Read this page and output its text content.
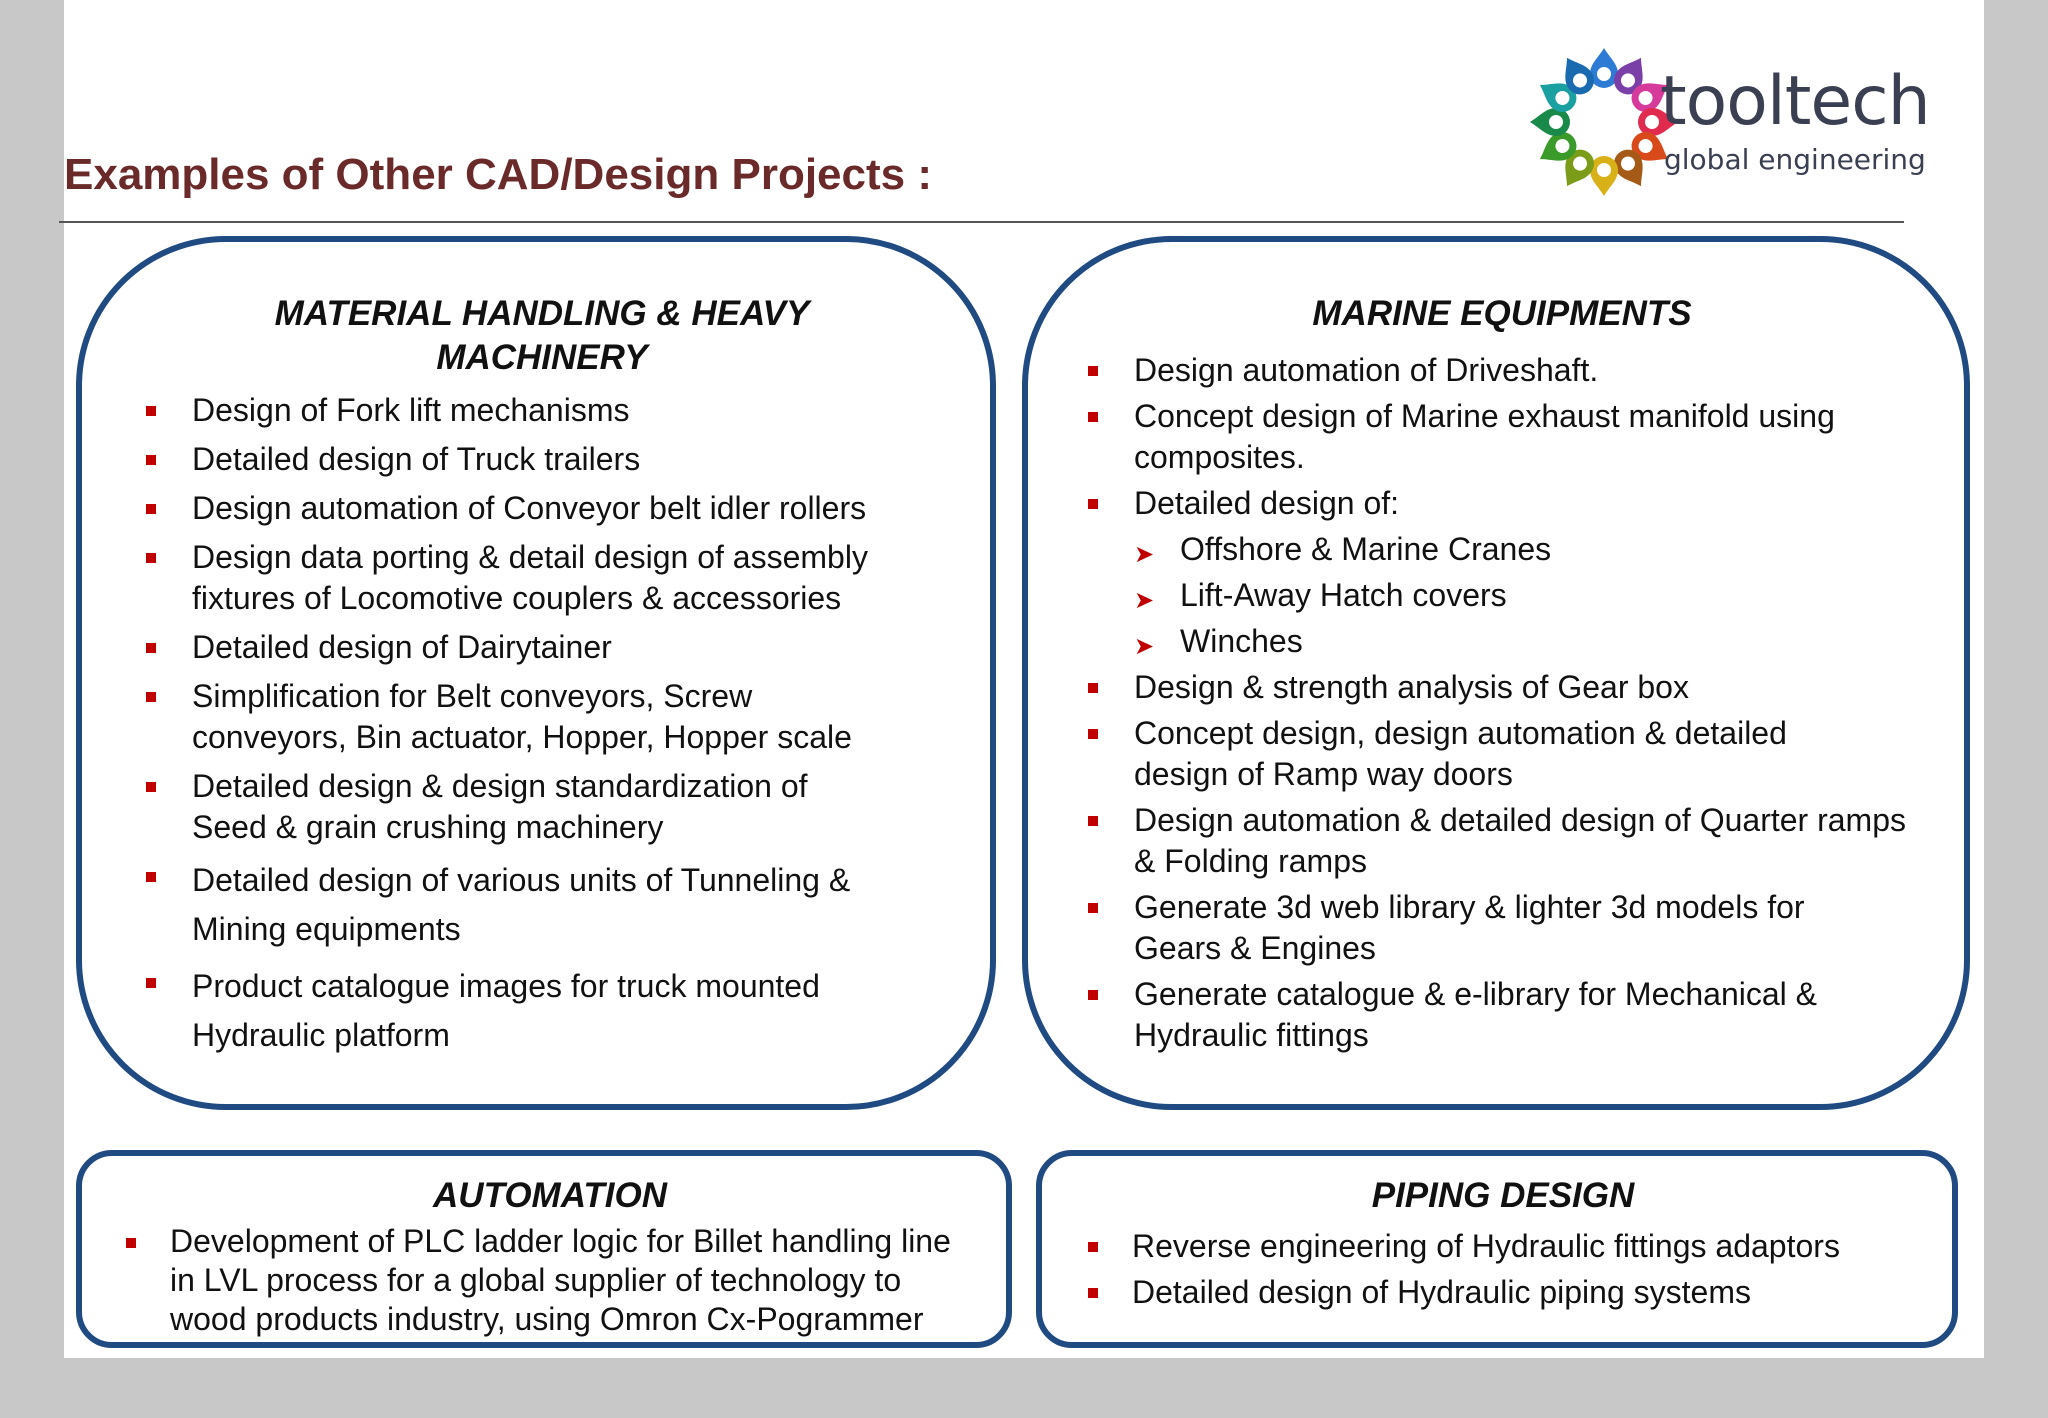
Examples of Other CAD/Design Projects :
tooltech
global engineering
MATERIAL HANDLING & HEAVY MACHINERY
Design of Fork lift mechanisms
Detailed design of Truck trailers
Design automation of Conveyor belt idler rollers
Design data porting & detail design of assembly fixtures of Locomotive couplers & accessories
Detailed design of Dairytainer
Simplification for Belt conveyors, Screw conveyors, Bin actuator, Hopper, Hopper scale
Detailed design & design standardization of Seed & grain crushing machinery
Detailed design of various units of Tunneling & Mining equipments
Product catalogue images for truck mounted Hydraulic platform
MARINE EQUIPMENTS
Design automation of Driveshaft.
Concept design of Marine exhaust manifold using composites.
Detailed design of:
➤ Offshore & Marine Cranes
➤ Lift-Away Hatch covers
➤ Winches
Design & strength analysis of Gear box
Concept design, design automation & detailed design of Ramp way doors
Design automation & detailed design of Quarter ramps & Folding ramps
Generate 3d web library & lighter 3d models for Gears & Engines
Generate catalogue & e-library for Mechanical & Hydraulic fittings
AUTOMATION
Development of PLC ladder logic for Billet handling line in LVL process for a global supplier of technology to wood products industry, using Omron Cx-Pogrammer
PIPING DESIGN
Reverse engineering of Hydraulic fittings adaptors
Detailed design of Hydraulic piping systems
